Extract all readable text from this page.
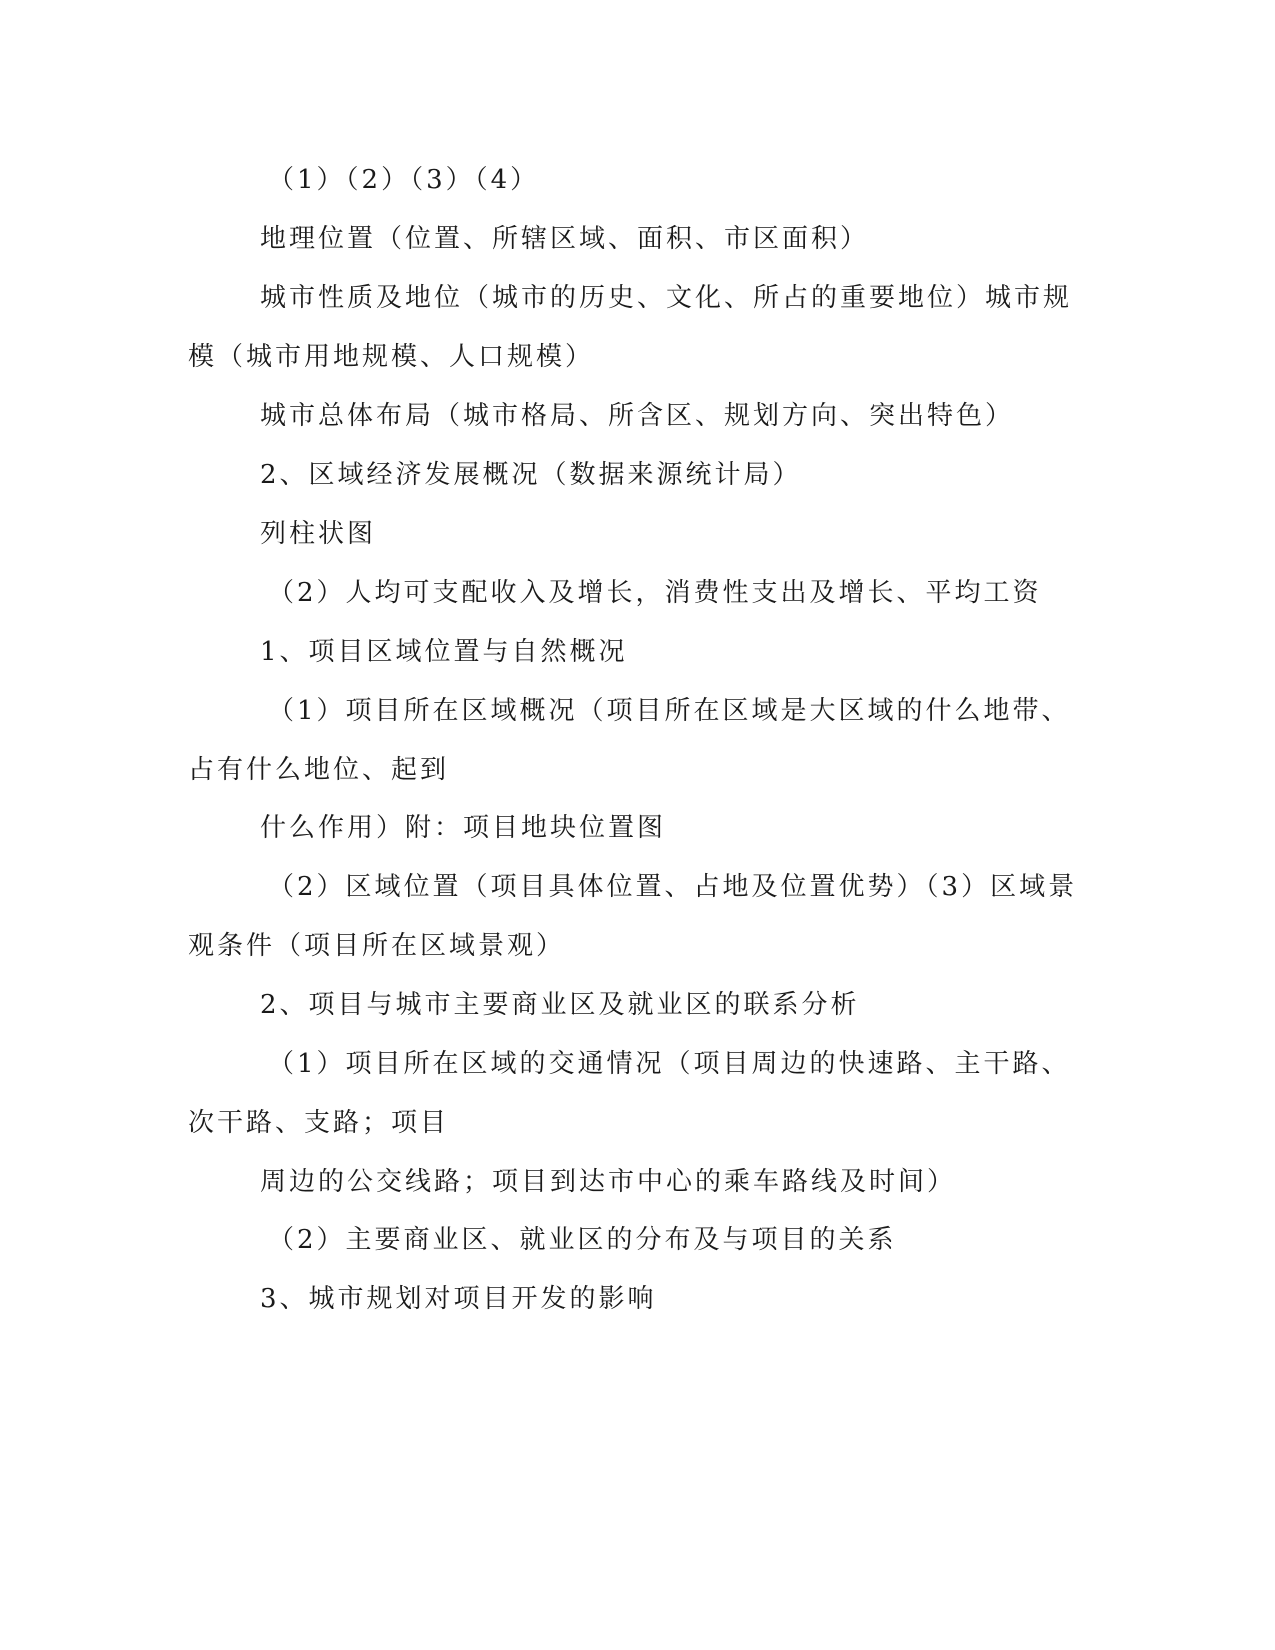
（1）（2）（3）（4）
地理位置（位置、所辖区域、面积、市区面积）
城市性质及地位（城市的历史、文化、所占的重要地位）城市规
模（城市用地规模、人口规模）
城市总体布局（城市格局、所含区、规划方向、突出特色）
2、区域经济发展概况（数据来源统计局）
列柱状图
（2）人均可支配收入及增长，消费性支出及增长、平均工资
1、项目区域位置与自然概况
（1）项目所在区域概况（项目所在区域是大区域的什么地带、
占有什么地位、起到
什么作用）附：项目地块位置图
（2）区域位置（项目具体位置、占地及位置优势）（3）区域景
观条件（项目所在区域景观）
2、项目与城市主要商业区及就业区的联系分析
（1）项目所在区域的交通情况（项目周边的快速路、主干路、
次干路、支路；项目
周边的公交线路；项目到达市中心的乘车路线及时间）
（2）主要商业区、就业区的分布及与项目的关系
3、城市规划对项目开发的影响
